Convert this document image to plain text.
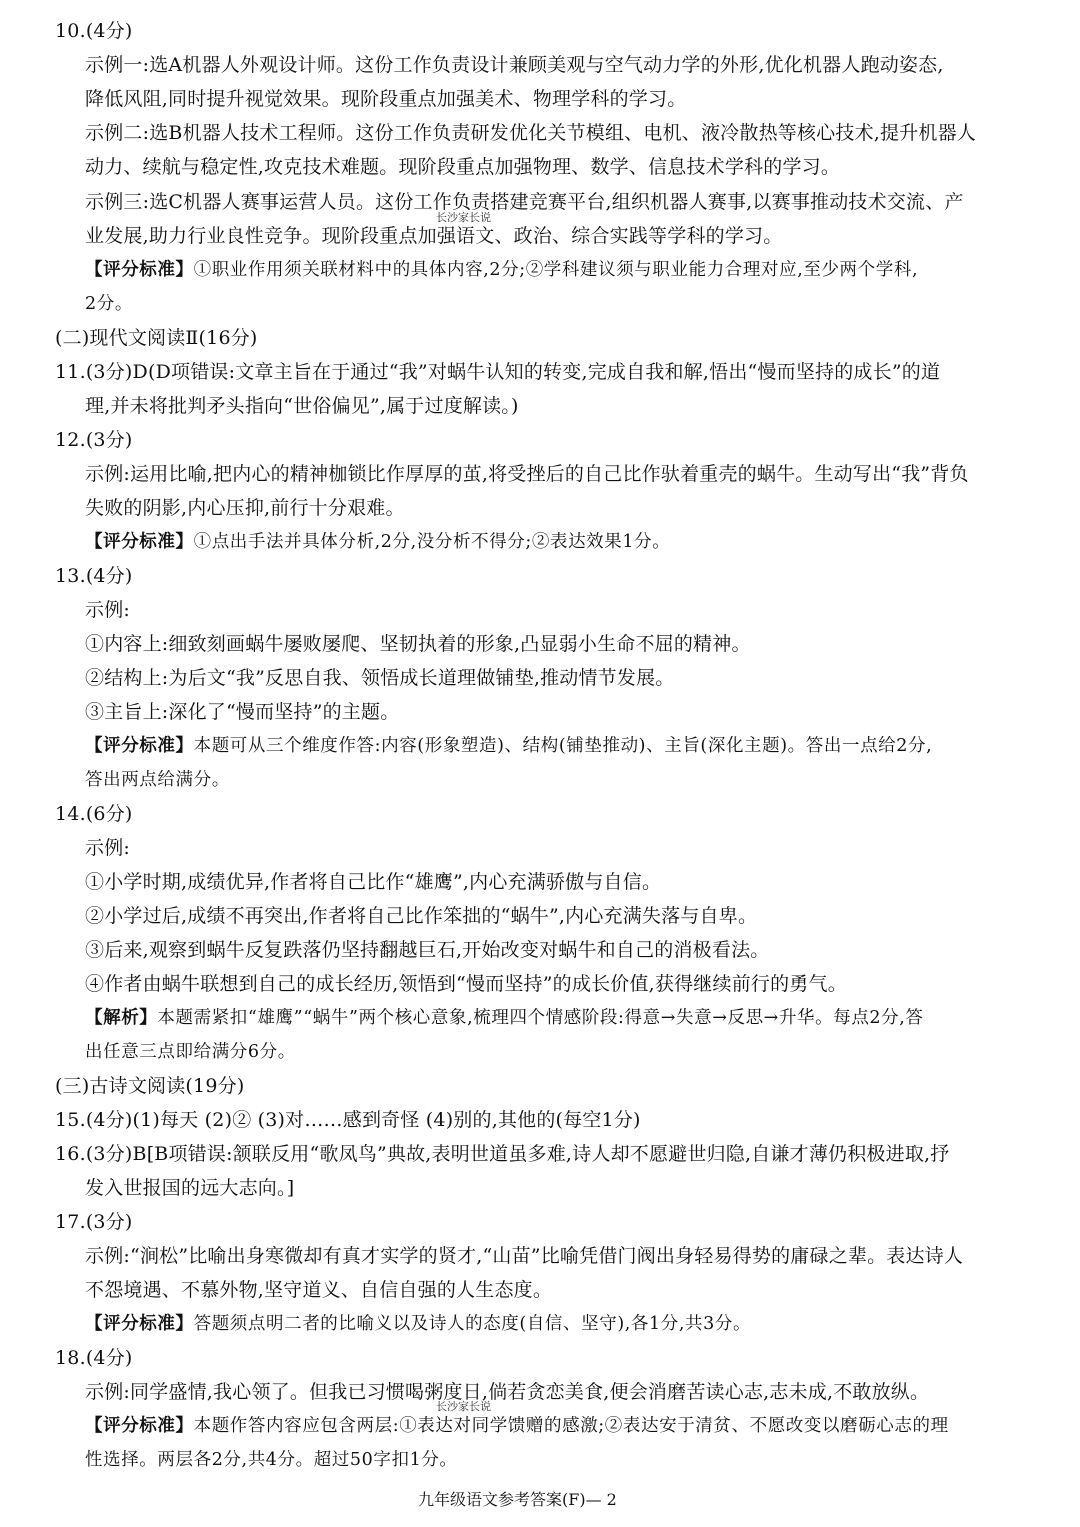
10.(4分)
示例一:选A机器人外观设计师。这份工作负责设计兼顾美观与空气动力学的外形,优化机器人跑动姿态,
降低风阻,同时提升视觉效果。现阶段重点加强美术、物理学科的学习。
示例二:选B机器人技术工程师。这份工作负责研发优化关节模组、电机、液冷散热等核心技术,提升机器人
动力、续航与稳定性,攻克技术难题。现阶段重点加强物理、数学、信息技术学科的学习。
示例三:选C机器人赛事运营人员。这份工作负责搭建竞赛平台,组织机器人赛事,以赛事推动技术交流、产
长沙家长说
业发展,助力行业良性竞争。现阶段重点加强语文、政治、综合实践等学科的学习。
【评分标准】①职业作用须关联材料中的具体内容,2分;②学科建议须与职业能力合理对应,至少两个学科,
2分。
(二)现代文阅读Ⅱ(16分)
11.(3分)D(D项错误:文章主旨在于通过“我”对蜗牛认知的转变,完成自我和解,悟出“慢而坚持的成长”的道
理,并未将批判矛头指向“世俗偏见”,属于过度解读。)
12.(3分)
示例:运用比喻,把内心的精神枷锁比作厚厚的茧,将受挫后的自己比作驮着重壳的蜗牛。生动写出“我”背负
失败的阴影,内心压抑,前行十分艰难。
【评分标准】①点出手法并具体分析,2分,没分析不得分;②表达效果1分。
13.(4分)
示例:
①内容上:细致刻画蜗牛屡败屡爬、坚韧执着的形象,凸显弱小生命不屈的精神。
②结构上:为后文“我”反思自我、领悟成长道理做铺垫,推动情节发展。
③主旨上:深化了“慢而坚持”的主题。
【评分标准】本题可从三个维度作答:内容(形象塑造)、结构(铺垫推动)、主旨(深化主题)。答出一点给2分,
答出两点给满分。
14.(6分)
示例:
①小学时期,成绩优异,作者将自己比作“雄鹰”,内心充满骄傲与自信。
②小学过后,成绩不再突出,作者将自己比作笨拙的“蜗牛”,内心充满失落与自卑。
③后来,观察到蜗牛反复跌落仍坚持翻越巨石,开始改变对蜗牛和自己的消极看法。
④作者由蜗牛联想到自己的成长经历,领悟到“慢而坚持”的成长价值,获得继续前行的勇气。
【解析】本题需紧扣“雄鹰”“蜗牛”两个核心意象,梳理四个情感阶段:得意→失意→反思→升华。每点2分,答
出任意三点即给满分6分。
(三)古诗文阅读(19分)
15.(4分)(1)每天 (2)② (3)对……感到奇怪 (4)别的,其他的(每空1分)
16.(3分)B[B项错误:颔联反用“歌凤鸟”典故,表明世道虽多难,诗人却不愿避世归隐,自谦才薄仍积极进取,抒
发入世报国的远大志向。]
17.(3分)
示例:“涧松”比喻出身寒微却有真才实学的贤才,“山苗”比喻凭借门阀出身轻易得势的庸碌之辈。表达诗人
不怨境遇、不慕外物,坚守道义、自信自强的人生态度。
【评分标准】答题须点明二者的比喻义以及诗人的态度(自信、坚守),各1分,共3分。
18.(4分)
示例:同学盛情,我心领了。但我已习惯喝粥度日,倘若贪恋美食,便会消磨苦读心志,志未成,不敢放纵。
长沙家长说
【评分标准】本题作答内容应包含两层:①表达对同学馈赠的感激;②表达安于清贫、不愿改变以磨砺心志的理
性选择。两层各2分,共4分。超过50字扣1分。
九年级语文参考答案(F)— 2
